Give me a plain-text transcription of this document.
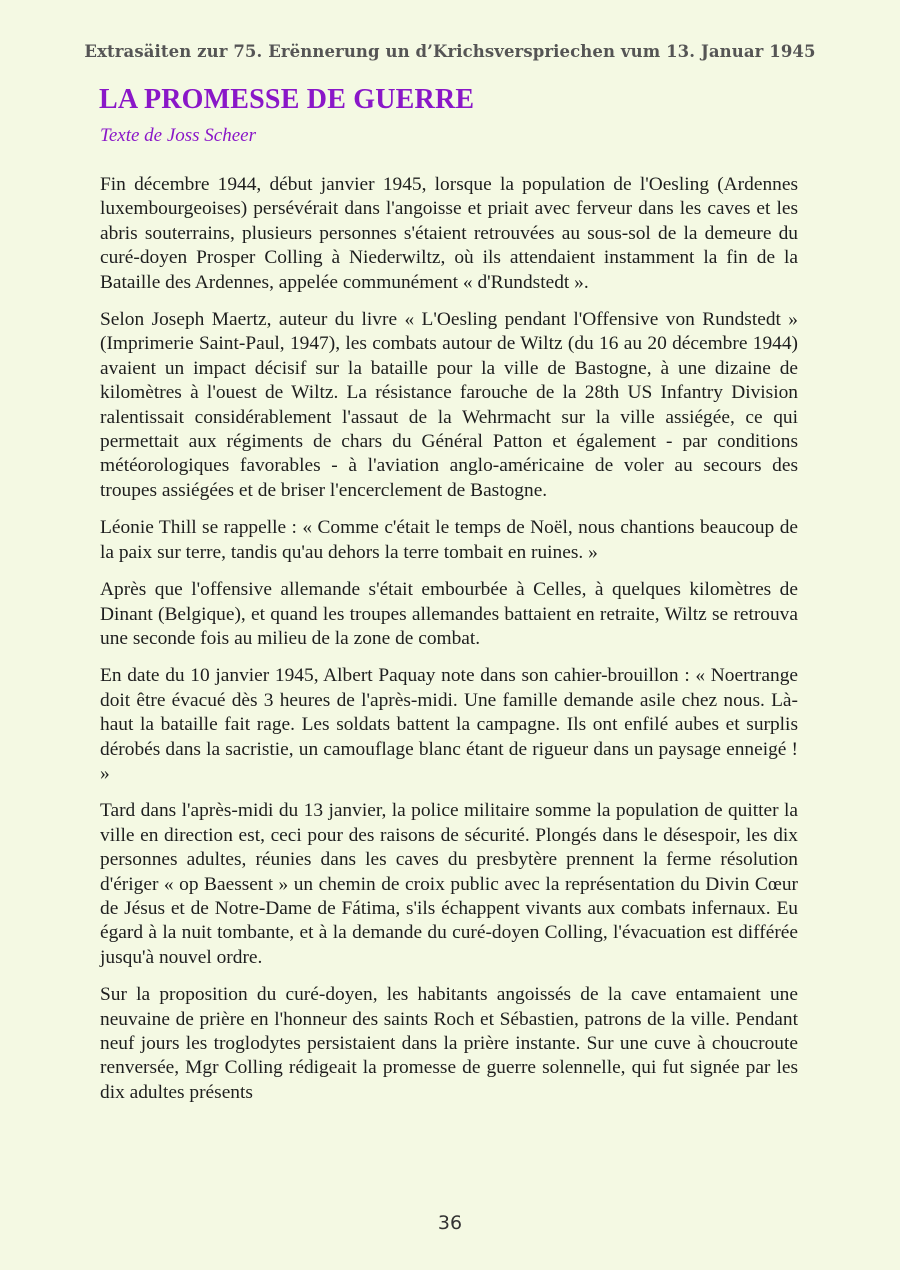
Extrasäiten zur 75. Erënnerung un d’Krichsverspriechen vum 13. Januar 1945
LA PROMESSE DE GUERRE
Texte de Joss Scheer

Fin décembre 1944, début janvier 1945, lorsque la population de l'Oesling (Ardennes luxembourgeoises) persévérait dans l'angoisse et priait avec ferveur dans les caves et les abris souterrains, plusieurs personnes s'étaient retrouvées au sous-sol de la demeure du curé-doyen Prosper Colling à Niederwiltz, où ils attendaient instamment la fin de la Bataille des Ardennes, appelée communément « d'Rundstedt ».

Selon Joseph Maertz, auteur du livre « L'Oesling pendant l'Offensive von Rundstedt » (Imprimerie Saint-Paul, 1947), les combats autour de Wiltz (du 16 au 20 décembre 1944) avaient un impact décisif sur la bataille pour la ville de Bastogne, à une dizaine de kilomètres à l'ouest de Wiltz. La résistance farouche de la 28th US Infantry Division ralentissait considérablement l'assaut de la Wehrmacht sur la ville assiégée, ce qui permettait aux régiments de chars du Général Patton et également - par conditions météorologiques favorables - à l'aviation anglo-américaine de voler au secours des troupes assiégées et de briser l'encerclement de Bastogne.

Léonie Thill se rappelle : « Comme c'était le temps de Noël, nous chantions beaucoup de la paix sur terre, tandis qu'au dehors la terre tombait en ruines. »

Après que l'offensive allemande s'était embourbée à Celles, à quelques kilomètres de Dinant (Belgique), et quand les troupes allemandes battaient en retraite, Wiltz se retrouva une seconde fois au milieu de la zone de combat.

En date du 10 janvier 1945, Albert Paquay note dans son cahier-brouillon : « Noertrange doit être évacué dès 3 heures de l'après-midi. Une famille demande asile chez nous. Là-haut la bataille fait rage. Les soldats battent la campagne. Ils ont enfilé aubes et surplis dérobés dans la sacristie, un camouflage blanc étant de rigueur dans un paysage enneigé ! »

Tard dans l'après-midi du 13 janvier, la police militaire somme la population de quitter la ville en direction est, ceci pour des raisons de sécurité. Plongés dans le désespoir, les dix personnes adultes, réunies dans les caves du presbytère prennent la ferme résolution d'ériger « op Baessent » un chemin de croix public avec la représentation du Divin Cœur de Jésus et de Notre-Dame de Fátima, s'ils échappent vivants aux combats infernaux. Eu égard à la nuit tombante, et à la demande du curé-doyen Colling, l'évacuation est différée jusqu'à nouvel ordre.

Sur la proposition du curé-doyen, les habitants angoissés de la cave entamaient une neuvaine de prière en l'honneur des saints Roch et Sébastien, patrons de la ville. Pendant neuf jours les troglodytes persistaient dans la prière instante. Sur une cuve à choucroute renversée, Mgr Colling rédigeait la promesse de guerre solennelle, qui fut signée par les dix adultes présents

36
